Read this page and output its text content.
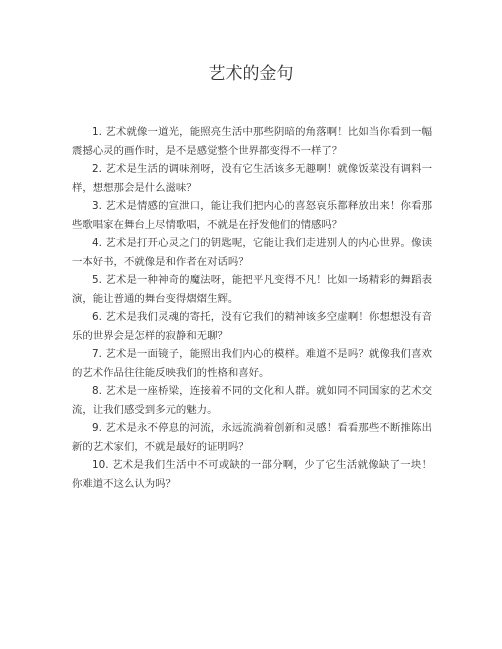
艺术的金句

1. 艺术就像一道光，能照亮生活中那些阴暗的角落啊！比如当你看到一幅震撼心灵的画作时，是不是感觉整个世界都变得不一样了？

2. 艺术是生活的调味剂呀，没有它生活该多无趣啊！就像饭菜没有调料一样，想想那会是什么滋味？

3. 艺术是情感的宣泄口，能让我们把内心的喜怒哀乐都释放出来！你看那些歌唱家在舞台上尽情歌唱，不就是在抒发他们的情感吗？

4. 艺术是打开心灵之门的钥匙呢，它能让我们走进别人的内心世界。像读一本好书，不就像是和作者在对话吗？

5. 艺术是一种神奇的魔法呀，能把平凡变得不凡！比如一场精彩的舞蹈表演，能让普通的舞台变得熠熠生辉。

6. 艺术是我们灵魂的寄托，没有它我们的精神该多空虚啊！你想想没有音乐的世界会是怎样的寂静和无聊？

7. 艺术是一面镜子，能照出我们内心的模样。难道不是吗？就像我们喜欢的艺术作品往往能反映我们的性格和喜好。

8. 艺术是一座桥梁，连接着不同的文化和人群。就如同不同国家的艺术交流，让我们感受到多元的魅力。

9. 艺术是永不停息的河流，永远流淌着创新和灵感！看看那些不断推陈出新的艺术家们，不就是最好的证明吗？

10. 艺术是我们生活中不可或缺的一部分啊，少了它生活就像缺了一块！你难道不这么认为吗？
